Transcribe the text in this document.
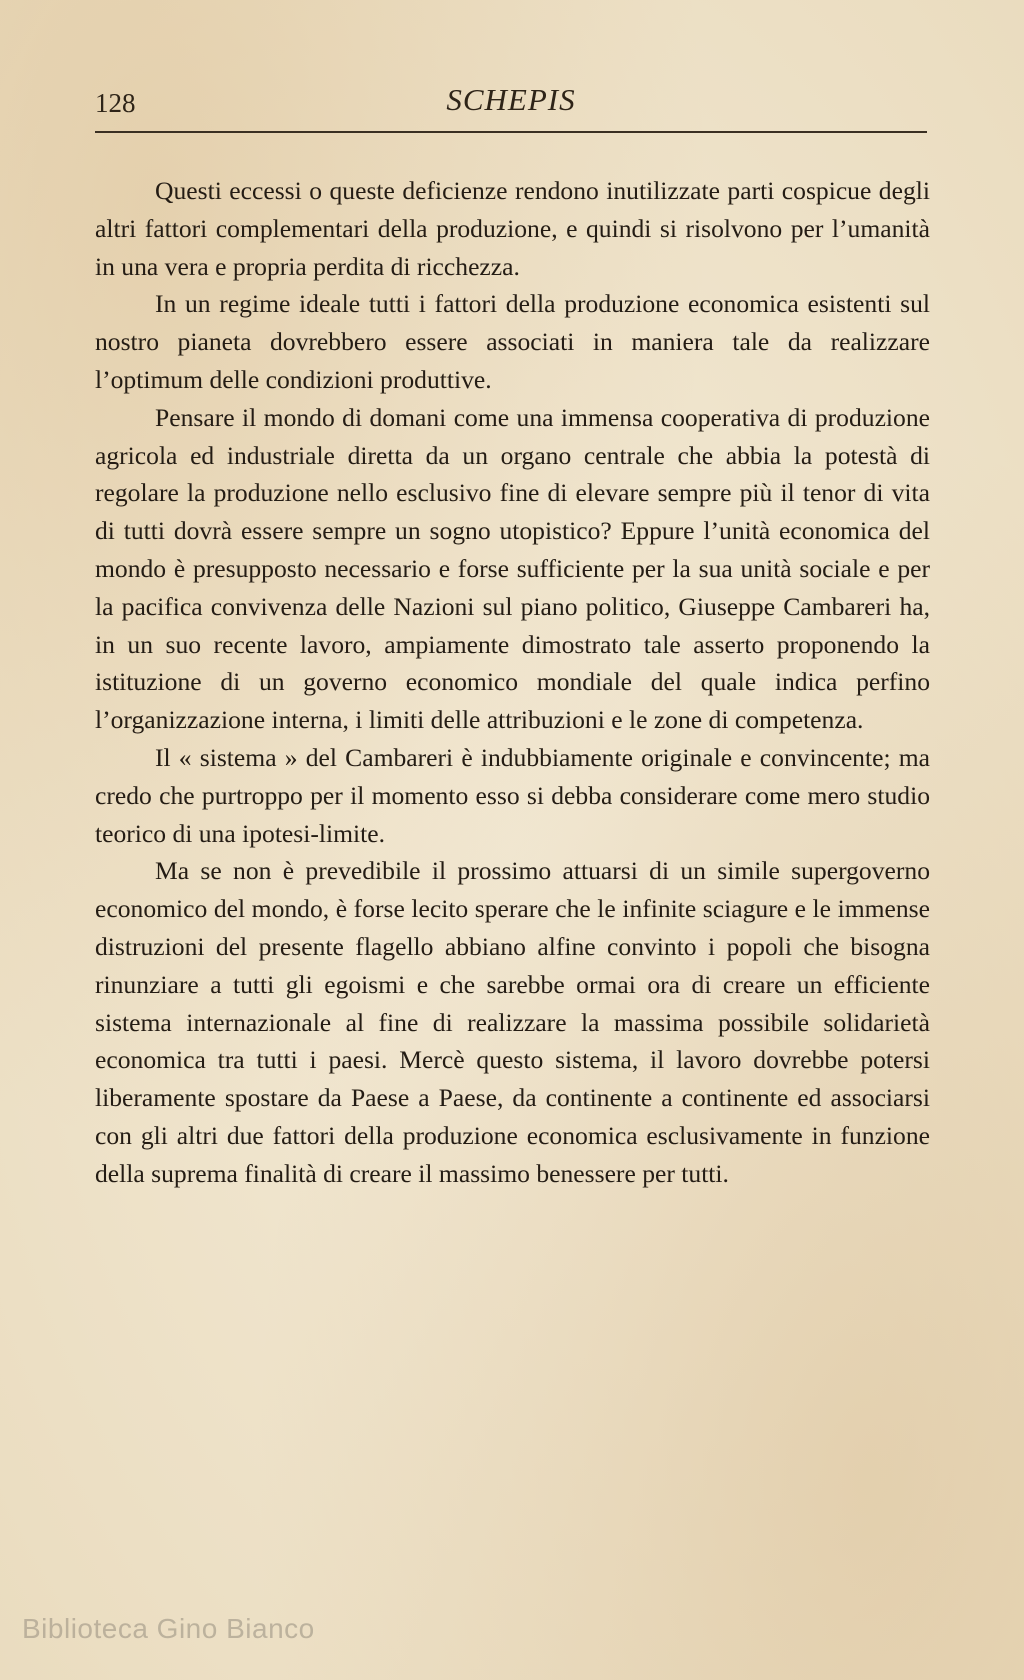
128	SCHEPIS

Questi eccessi o queste deficienze rendono inutilizzate parti cospicue degli altri fattori complementari della produzione, e quindi si risolvono per l’umanità in una vera e propria perdita di ricchezza.

In un regime ideale tutti i fattori della produzione economica esistenti sul nostro pianeta dovrebbero essere associati in maniera tale da realizzare l’optimum delle condizioni produttive.

Pensare il mondo di domani come una immensa cooperativa di produzione agricola ed industriale diretta da un organo centrale che abbia la potestà di regolare la produzione nello esclusivo fine di elevare sempre più il tenor di vita di tutti dovrà essere sempre un sogno utopistico? Eppure l’unità economica del mondo è presupposto necessario e forse sufficiente per la sua unità sociale e per la pacifica convivenza delle Nazioni sul piano politico, Giuseppe Cambareri ha, in un suo recente lavoro, ampiamente dimostrato tale asserto proponendo la istituzione di un governo economico mondiale del quale indica perfino l’organizzazione interna, i limiti delle attribuzioni e le zone di competenza.

Il « sistema » del Cambareri è indubbiamente originale e convincente; ma credo che purtroppo per il momento esso si debba considerare come mero studio teorico di una ipotesi-limite.

Ma se non è prevedibile il prossimo attuarsi di un simile supergoverno economico del mondo, è forse lecito sperare che le infinite sciagure e le immense distruzioni del presente flagello abbiano alfine convinto i popoli che bisogna rinunziare a tutti gli egoismi e che sarebbe ormai ora di creare un efficiente sistema internazionale al fine di realizzare la massima possibile solidarietà economica tra tutti i paesi. Mercè questo sistema, il lavoro dovrebbe potersi liberamente spostare da Paese a Paese, da continente a continente ed associarsi con gli altri due fattori della produzione economica esclusivamente in funzione della suprema finalità di creare il massimo benessere per tutti.

Biblioteca Gino Bianco
